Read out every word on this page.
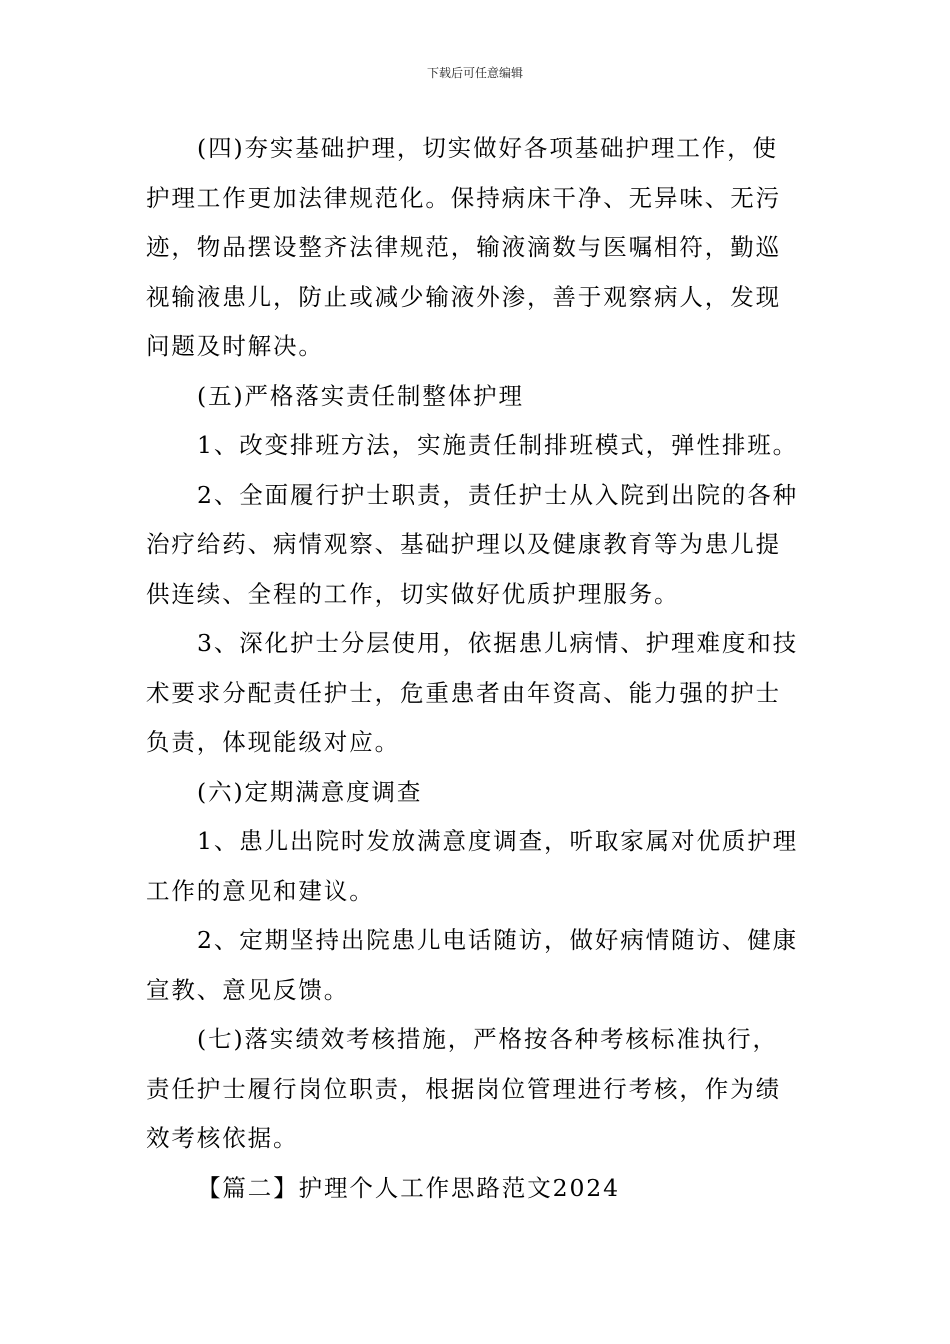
下载后可任意编辑
(四)夯实基础护理，切实做好各项基础护理工作，使
护理工作更加法律规范化。保持病床干净、无异味、无污
迹，物品摆设整齐法律规范，输液滴数与医嘱相符，勤巡
视输液患儿，防止或减少输液外渗，善于观察病人，发现
问题及时解决。
(五)严格落实责任制整体护理
1、改变排班方法，实施责任制排班模式，弹性排班。
2、全面履行护士职责，责任护士从入院到出院的各种
治疗给药、病情观察、基础护理以及健康教育等为患儿提
供连续、全程的工作，切实做好优质护理服务。
3、深化护士分层使用，依据患儿病情、护理难度和技
术要求分配责任护士，危重患者由年资高、能力强的护士
负责，体现能级对应。
(六)定期满意度调查
1、患儿出院时发放满意度调查，听取家属对优质护理
工作的意见和建议。
2、定期坚持出院患儿电话随访，做好病情随访、健康
宣教、意见反馈。
(七)落实绩效考核措施，严格按各种考核标准执行，
责任护士履行岗位职责，根据岗位管理进行考核，作为绩
效考核依据。
【篇二】护理个人工作思路范文2024
